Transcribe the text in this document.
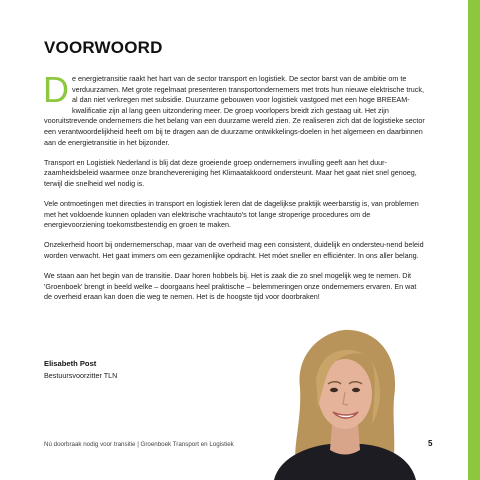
VOORWOORD

De energietransitie raakt het hart van de sector transport en logistiek. De sector barst van de ambitie om te verduurzamen. Met grote regelmaat presenteren transportondernemers met trots hun nieuwe elektrische truck, al dan niet verkregen met subsidie. Duurzame gebouwen voor logistiek vastgoed met een hoge BREEAM-kwalificatie zijn al lang geen uitzondering meer. De groep voorlopers breidt zich gestaag uit. Het zijn vooruitstrevende ondernemers die het belang van een duurzame wereld zien. Ze realiseren zich dat de logistieke sector een verantwoordelijkheid heeft om bij te dragen aan de duurzame ontwikkelings-doelen in het algemeen en daarbinnen aan de energietransitie in het bijzonder.

Transport en Logistiek Nederland is blij dat deze groeiende groep ondernemers invulling geeft aan het duur-zaamheidsbeleid waarmee onze branchevereniging het Klimaatakkoord ondersteunt. Maar het gaat niet snel genoeg, terwijl die snelheid wel nodig is.

Vele ontmoetingen met directies in transport en logistiek leren dat de dagelijkse praktijk weerbarstig is, van problemen met het voldoende kunnen opladen van elektrische vrachtauto's tot lange stroperige procedures om de energievoorziening toekomstbestendig en groen te maken.

Onzekerheid hoort bij ondernemerschap, maar van de overheid mag een consistent, duidelijk en ondersteu-nend beleid worden verwacht. Het gaat immers om een gezamenlijke opdracht. Het móet sneller en efficiënter. In ons aller belang.

We staan aan het begin van de transitie. Daar horen hobbels bij. Het is zaak die zo snel mogelijk weg te nemen. Dit 'Groenboek' brengt in beeld welke – doorgaans heel praktische – belemmeringen onze ondernemers ervaren. En wat de overheid eraan kan doen die weg te nemen. Het is de hoogste tijd voor doorbraken!

Elisabeth Post
Bestuursvoorzitter TLN
Nú doorbraak nodig voor transitie | Groenboek Transport en Logistiek	5
